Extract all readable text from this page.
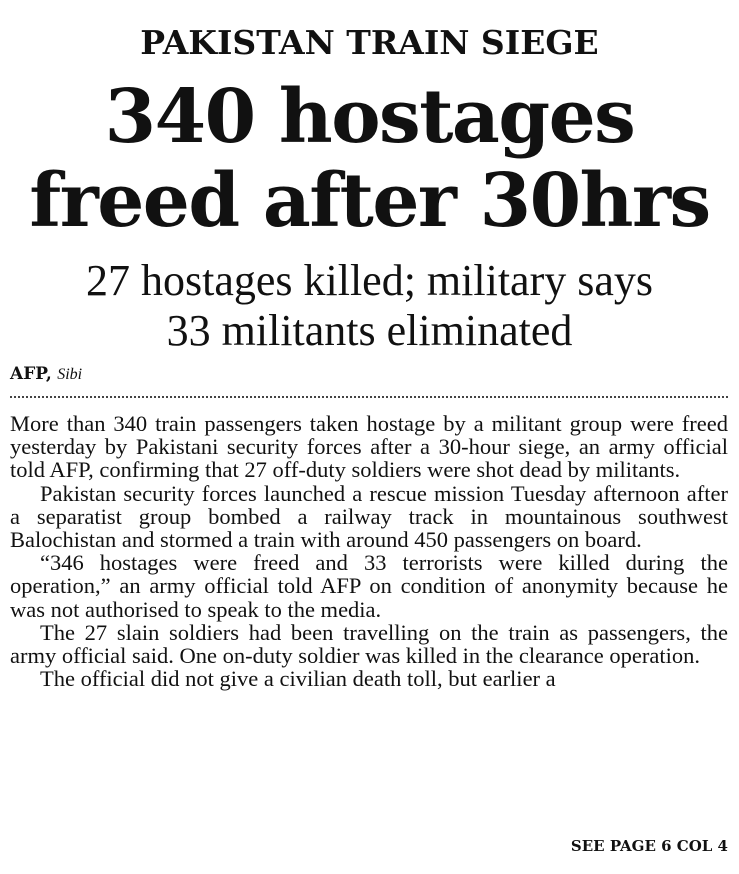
PAKISTAN TRAIN SIEGE
340 hostages
freed after 30hrs
27 hostages killed; military says
33 militants eliminated
AFP, Sibi

More than 340 train passengers taken hostage by a militant group were freed yesterday by Pakistani security forces after a 30-hour siege, an army official told AFP, confirming that 27 off-duty soldiers were shot dead by militants.

Pakistan security forces launched a rescue mission Tuesday afternoon after a separatist group bombed a railway track in mountainous southwest Balochistan and stormed a train with around 450 passengers on board.

“346 hostages were freed and 33 terrorists were killed during the operation,” an army official told AFP on condition of anonymity because he was not authorised to speak to the media.

The 27 slain soldiers had been travelling on the train as passengers, the army official said. One on-duty soldier was killed in the clearance operation.

The official did not give a civilian death toll, but earlier a

SEE PAGE 6 COL 4
